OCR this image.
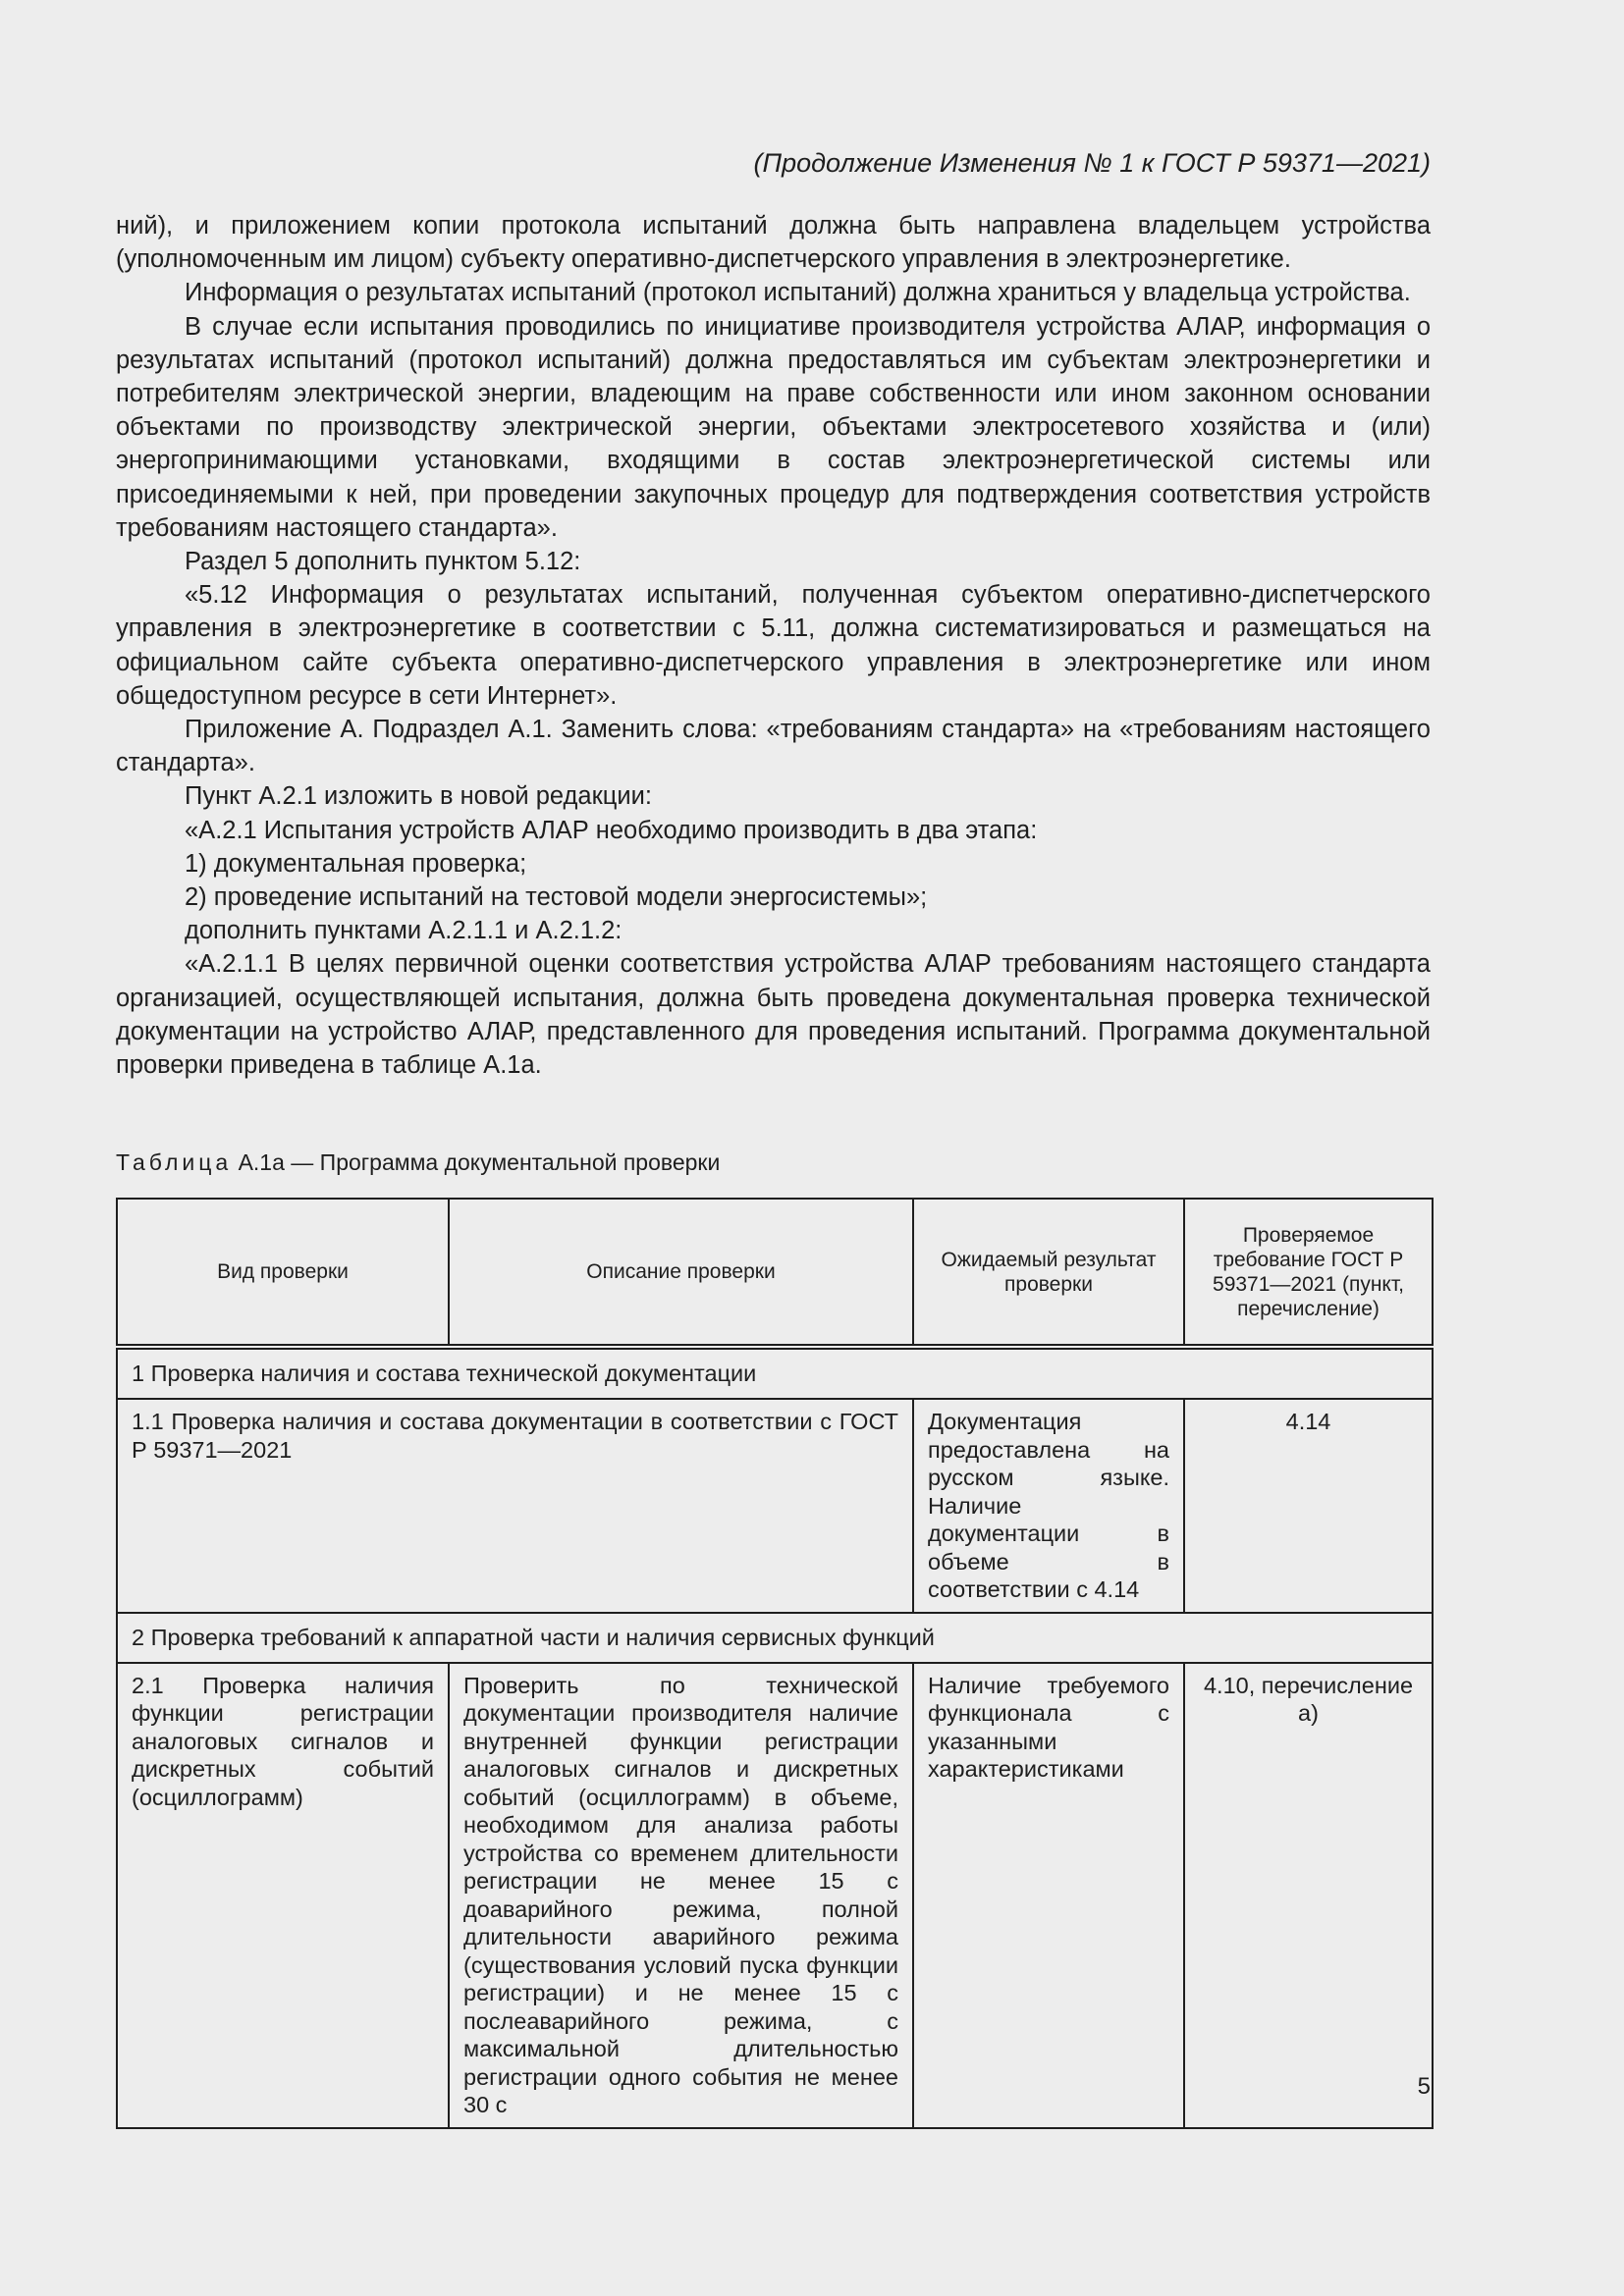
(Продолжение Изменения № 1 к ГОСТ Р 59371—2021)

ний), и приложением копии протокола испытаний должна быть направлена владельцем устройства (уполномоченным им лицом) субъекту оперативно-диспетчерского управления в электроэнергетике.

Информация о результатах испытаний (протокол испытаний) должна храниться у владельца устройства.

В случае если испытания проводились по инициативе производителя устройства АЛАР, информация о результатах испытаний (протокол испытаний) должна предоставляться им субъектам электроэнергетики и потребителям электрической энергии, владеющим на праве собственности или ином законном основании объектами по производству электрической энергии, объектами электросетевого хозяйства и (или) энергопринимающими установками, входящими в состав электроэнергетической системы или присоединяемыми к ней, при проведении закупочных процедур для подтверждения соответствия устройств требованиям настоящего стандарта».

Раздел 5 дополнить пунктом 5.12:

«5.12 Информация о результатах испытаний, полученная субъектом оперативно-диспетчерского управления в электроэнергетике в соответствии с 5.11, должна систематизироваться и размещаться на официальном сайте субъекта оперативно-диспетчерского управления в электроэнергетике или ином общедоступном ресурсе в сети Интернет».

Приложение А. Подраздел А.1. Заменить слова: «требованиям стандарта» на «требованиям настоящего стандарта».

Пункт А.2.1 изложить в новой редакции:

«А.2.1 Испытания устройств АЛАР необходимо производить в два этапа:

1) документальная проверка;

2) проведение испытаний на тестовой модели энергосистемы»;

дополнить пунктами А.2.1.1 и А.2.1.2:

«А.2.1.1 В целях первичной оценки соответствия устройства АЛАР требованиям настоящего стандарта организацией, осуществляющей испытания, должна быть проведена документальная проверка технической документации на устройство АЛАР, представленного для проведения испытаний. Программа документальной проверки приведена в таблице А.1а.

Таблица А.1а — Программа документальной проверки
Вид проверки	Описание проверки	Ожидаемый результат проверки	Проверяемое требование ГОСТ Р 59371—2021 (пункт, перечисление)
1 Проверка наличия и состава технической документации			
1.1 Проверка наличия и состава документации в соответствии с ГОСТ Р 59371—2021		Документация предоставлена на русском языке. Наличие документации в объеме в соответствии с 4.14	4.14
2 Проверка требований к аппаратной части и наличия сервисных функций			
2.1 Проверка наличия функции регистрации аналоговых сигналов и дискретных событий (осциллограмм)	Проверить по технической документации производителя наличие внутренней функции регистрации аналоговых сигналов и дискретных событий (осциллограмм) в объеме, необходимом для анализа работы устройства со временем длительности регистрации не менее 15 с доаварийного режима, полной длительности аварийного режима (существования условий пуска функции регистрации) и не менее 15 с послеаварийного режима, с максимальной длительностью регистрации одного события не менее 30 с	Наличие требуемого функционала с указанными характеристиками	4.10, перечисление а)
5
